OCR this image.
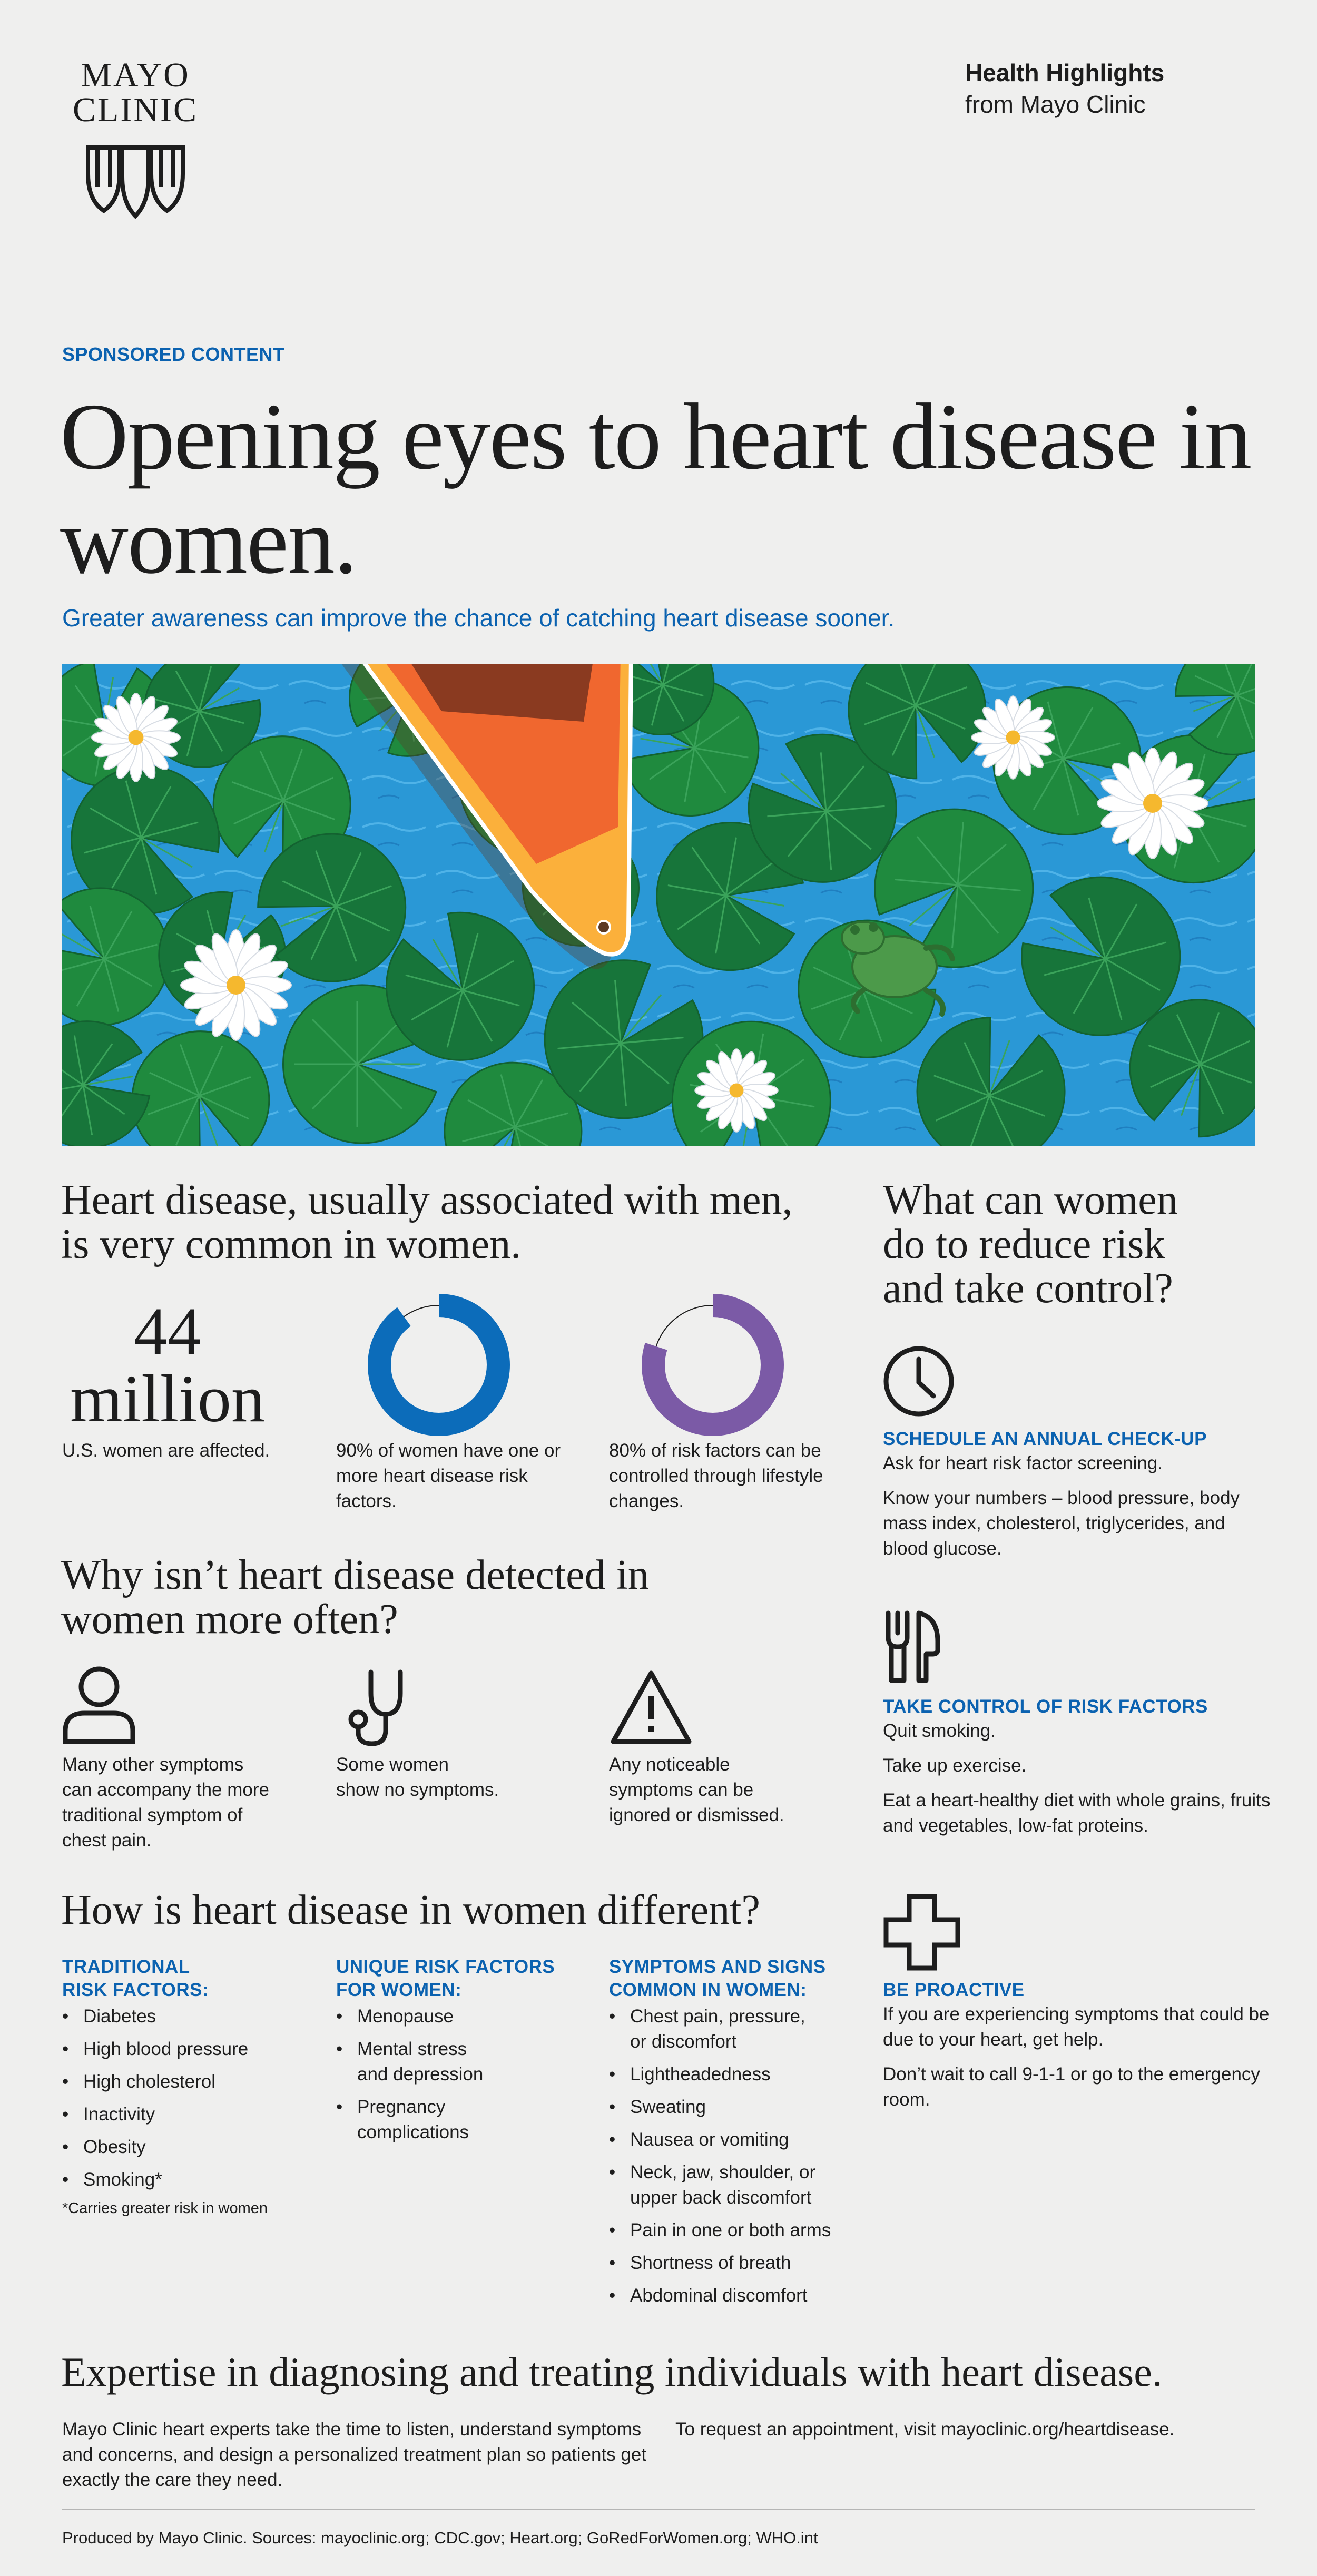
MAYO
CLINIC
Health Highlights
from Mayo Clinic
SPONSORED CONTENT
Opening eyes to heart disease in women.
Greater awareness can improve the chance of catching heart disease sooner.
Heart disease, usually associated with men,
is very common in women.
44
million
U.S. women are affected.	90% of women have one or more heart disease risk factors.
80% of risk factors can be controlled through lifestyle changes.
Why isn’t heart disease detected in
women more often?
Many other symptoms
can accompany the more
traditional symptom of
chest pain.
Some women
show no symptoms.
Any noticeable
symptoms can be
ignored or dismissed.
How is heart disease in women different?
TRADITIONAL
RISK FACTORS:
• Diabetes
• High blood pressure
• High cholesterol
• Inactivity
• Obesity
• Smoking*
*Carries greater risk in women
UNIQUE RISK FACTORS
FOR WOMEN:
• Menopause
• Mental stress
and depression
• Pregnancy
complications
SYMPTOMS AND SIGNS
COMMON IN WOMEN:
• Chest pain, pressure,
or discomfort
• Lightheadedness
• Sweating
• Nausea or vomiting
• Neck, jaw, shoulder, or
upper back discomfort
• Pain in one or both arms
• Shortness of breath
• Abdominal discomfort
What can women
do to reduce risk
and take control?
SCHEDULE AN ANNUAL CHECK-UP
Ask for heart risk factor screening.
Know your numbers – blood pressure, body mass index, cholesterol, triglycerides, and blood glucose.
TAKE CONTROL OF RISK FACTORS
Quit smoking.
Take up exercise.
Eat a heart-healthy diet with whole grains, fruits and vegetables, low-fat proteins.
BE PROACTIVE
If you are experiencing symptoms that could be due to your heart, get help.
Don’t wait to call 9-1-1 or go to the emergency room.
Expertise in diagnosing and treating individuals with heart disease.
Mayo Clinic heart experts take the time to listen, understand symptoms and concerns, and design a personalized treatment plan so patients get exactly the care they need.
To request an appointment, visit mayoclinic.org/heartdisease.
Produced by Mayo Clinic. Sources: mayoclinic.org; CDC.gov; Heart.org; GoRedForWomen.org; WHO.int
